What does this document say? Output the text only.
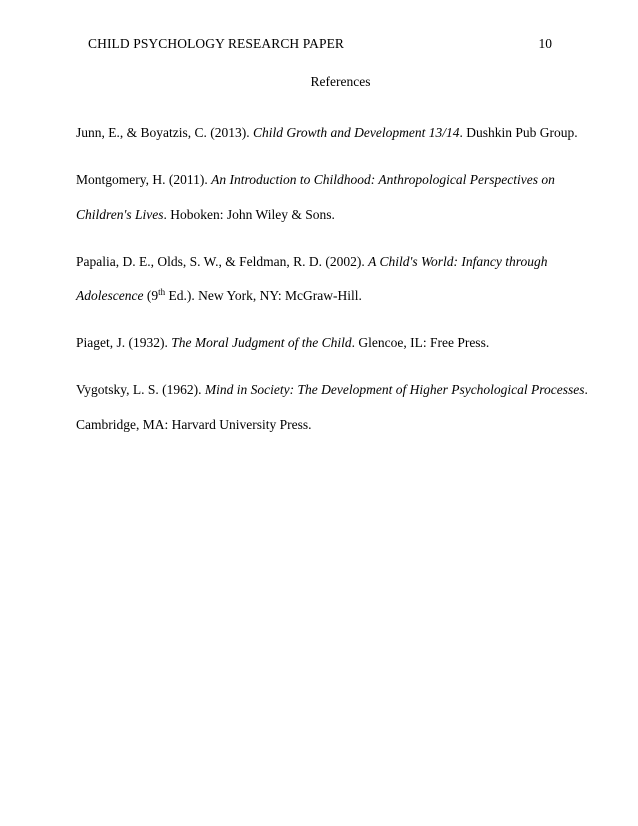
CHILD PSYCHOLOGY RESEARCH PAPER	10
References
Junn, E., & Boyatzis, C. (2013). Child Growth and Development 13/14. Dushkin Pub Group.
Montgomery, H. (2011). An Introduction to Childhood: Anthropological Perspectives on
Children's Lives. Hoboken: John Wiley & Sons.
Papalia, D. E., Olds, S. W., & Feldman, R. D. (2002). A Child's World: Infancy through
Adolescence (9th Ed.). New York, NY: McGraw-Hill.
Piaget, J. (1932). The Moral Judgment of the Child. Glencoe, IL: Free Press.
Vygotsky, L. S. (1962). Mind in Society: The Development of Higher Psychological Processes.
Cambridge, MA: Harvard University Press.
